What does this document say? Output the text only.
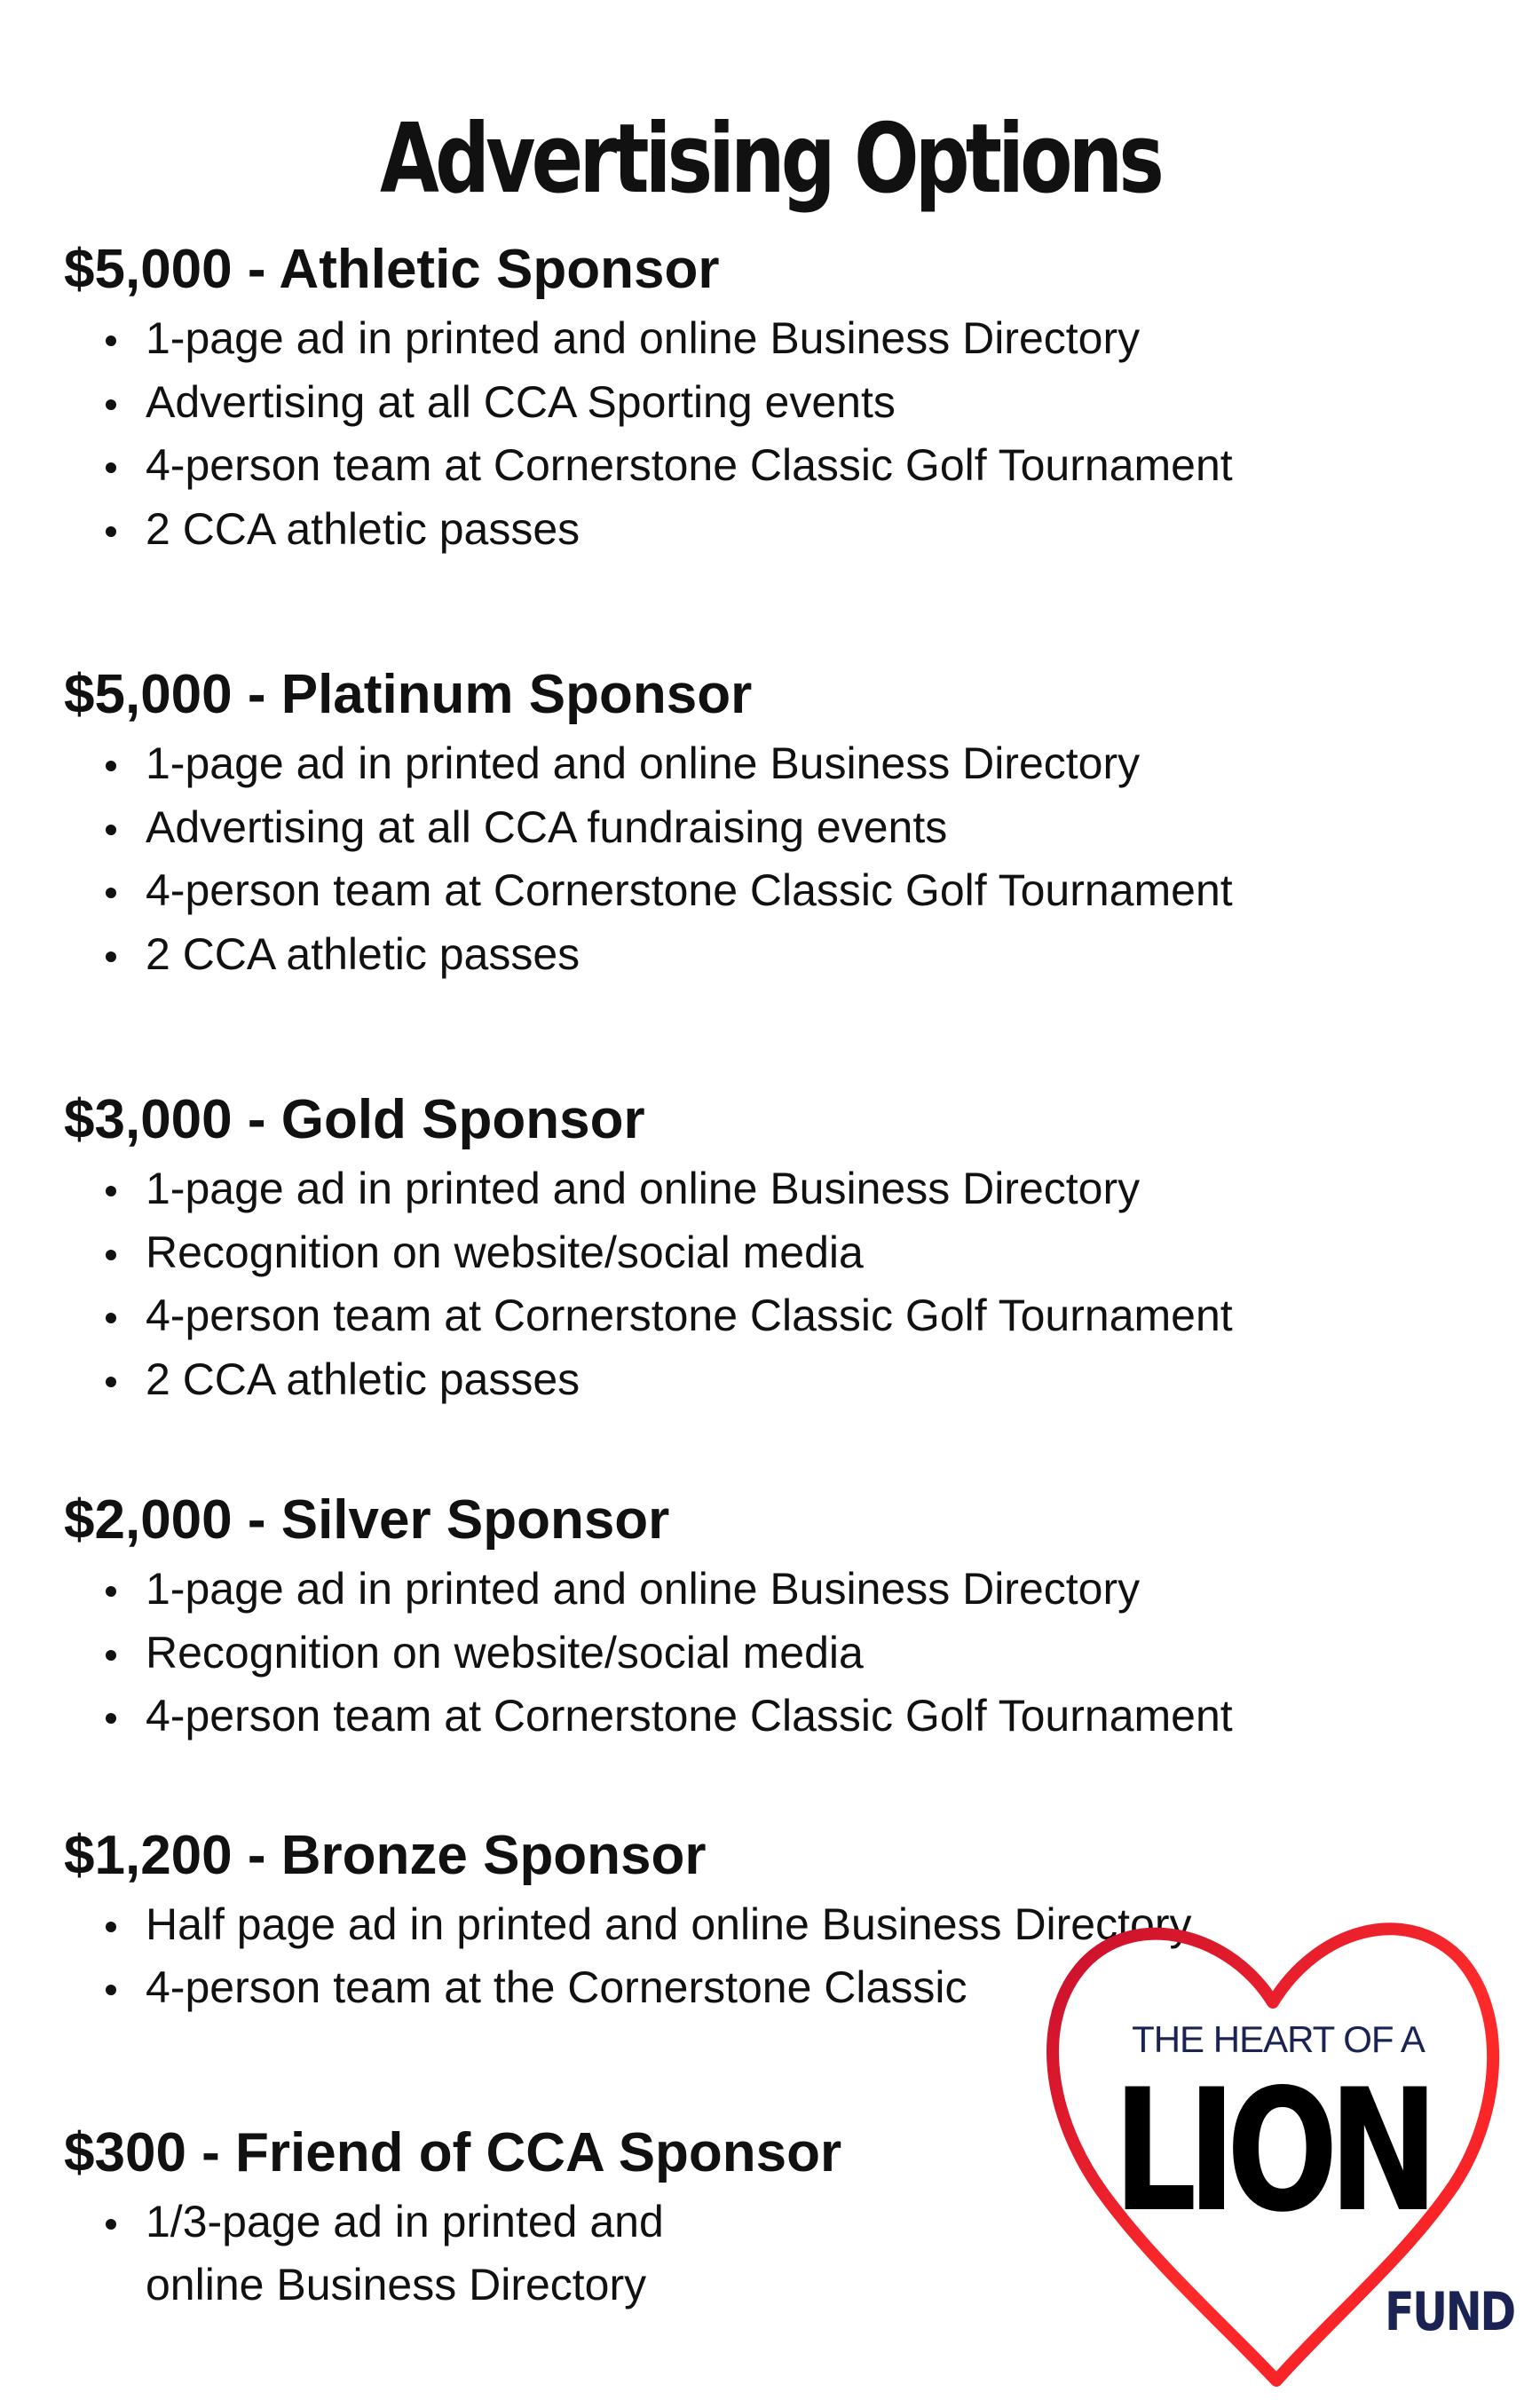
Advertising Options
$5,000 - Athletic Sponsor
1-page ad in printed and online Business Directory
Advertising at all CCA Sporting events
4-person team at Cornerstone Classic Golf Tournament
2 CCA athletic passes
$5,000 - Platinum Sponsor
1-page ad in printed and online Business Directory
Advertising at all CCA fundraising events
4-person team at Cornerstone Classic Golf Tournament
2 CCA athletic passes
$3,000 - Gold Sponsor
1-page ad in printed and online Business Directory
Recognition on website/social media
4-person team at Cornerstone Classic Golf Tournament
2 CCA athletic passes
$2,000 - Silver Sponsor
1-page ad in printed and online Business Directory
Recognition on website/social media
4-person team at Cornerstone Classic Golf Tournament
$1,200 - Bronze Sponsor
Half page ad in printed and online Business Directory
4-person team at the Cornerstone Classic
$300 - Friend of CCA Sponsor
1/3-page ad in printed and online Business Directory
THE HEART OF A
LION
FUND
